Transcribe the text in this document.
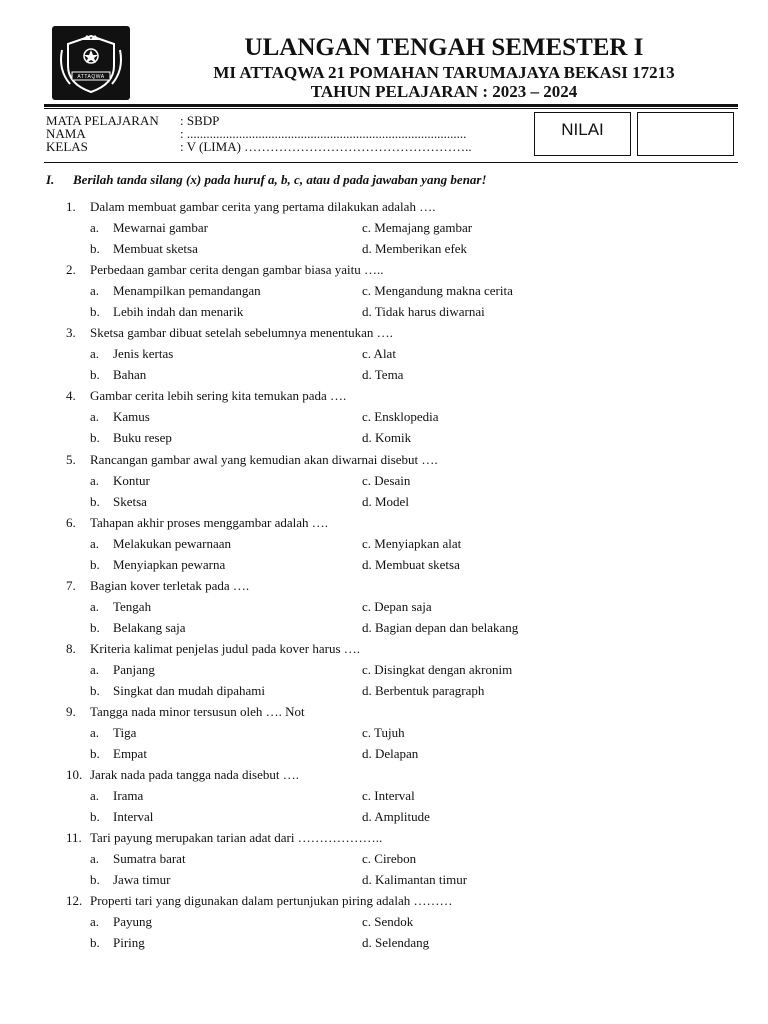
ATTAQWA
ULANGAN TENGAH SEMESTER I
MI ATTAQWA 21 POMAHAN TARUMAJAYA BEKASI 17213
TAHUN PELAJARAN : 2023 – 2024
MATA PELAJARAN : SBDP
NAMA	: ......................................................................................
KELAS	: V (LIMA) ……………………………………………..
NILAI
I. Berilah tanda silang (x) pada huruf a, b, c, atau d pada jawaban yang benar!
1. Dalam membuat gambar cerita yang pertama dilakukan adalah ….
a. Mewarnai gambar	c. Memajang gambar
b. Membuat sketsa	d. Memberikan efek
2. Perbedaan gambar cerita dengan gambar biasa yaitu …..
a. Menampilkan pemandangan	c. Mengandung makna cerita
b. Lebih indah dan menarik	d. Tidak harus diwarnai
3. Sketsa gambar dibuat setelah sebelumnya menentukan ….
a. Jenis kertas	c. Alat
b. Bahan	d. Tema
4. Gambar cerita lebih sering kita temukan pada ….
a. Kamus	c. Ensklopedia
b. Buku resep	d. Komik
5. Rancangan gambar awal yang kemudian akan diwarnai disebut ….
a. Kontur	c. Desain
b. Sketsa	d. Model
6. Tahapan akhir proses menggambar adalah ….
a. Melakukan pewarnaan	c. Menyiapkan alat
b. Menyiapkan pewarna	d. Membuat sketsa
7. Bagian kover terletak pada ….
a. Tengah	c. Depan saja
b. Belakang saja	d. Bagian depan dan belakang
8. Kriteria kalimat penjelas judul pada kover harus ….
a. Panjang	c. Disingkat dengan akronim
b. Singkat dan mudah dipahami	d. Berbentuk paragraph
9. Tangga nada minor tersusun oleh …. Not
a. Tiga	c. Tujuh
b. Empat	d. Delapan
10. Jarak nada pada tangga nada disebut ….
a. Irama	c. Interval
b. Interval	d. Amplitude
11. Tari payung merupakan tarian adat dari ………………..
a. Sumatra barat	c. Cirebon
b. Jawa timur	d. Kalimantan timur
12. Properti tari yang digunakan dalam pertunjukan piring adalah ………
a. Payung	c. Sendok
b. Piring	d. Selendang
